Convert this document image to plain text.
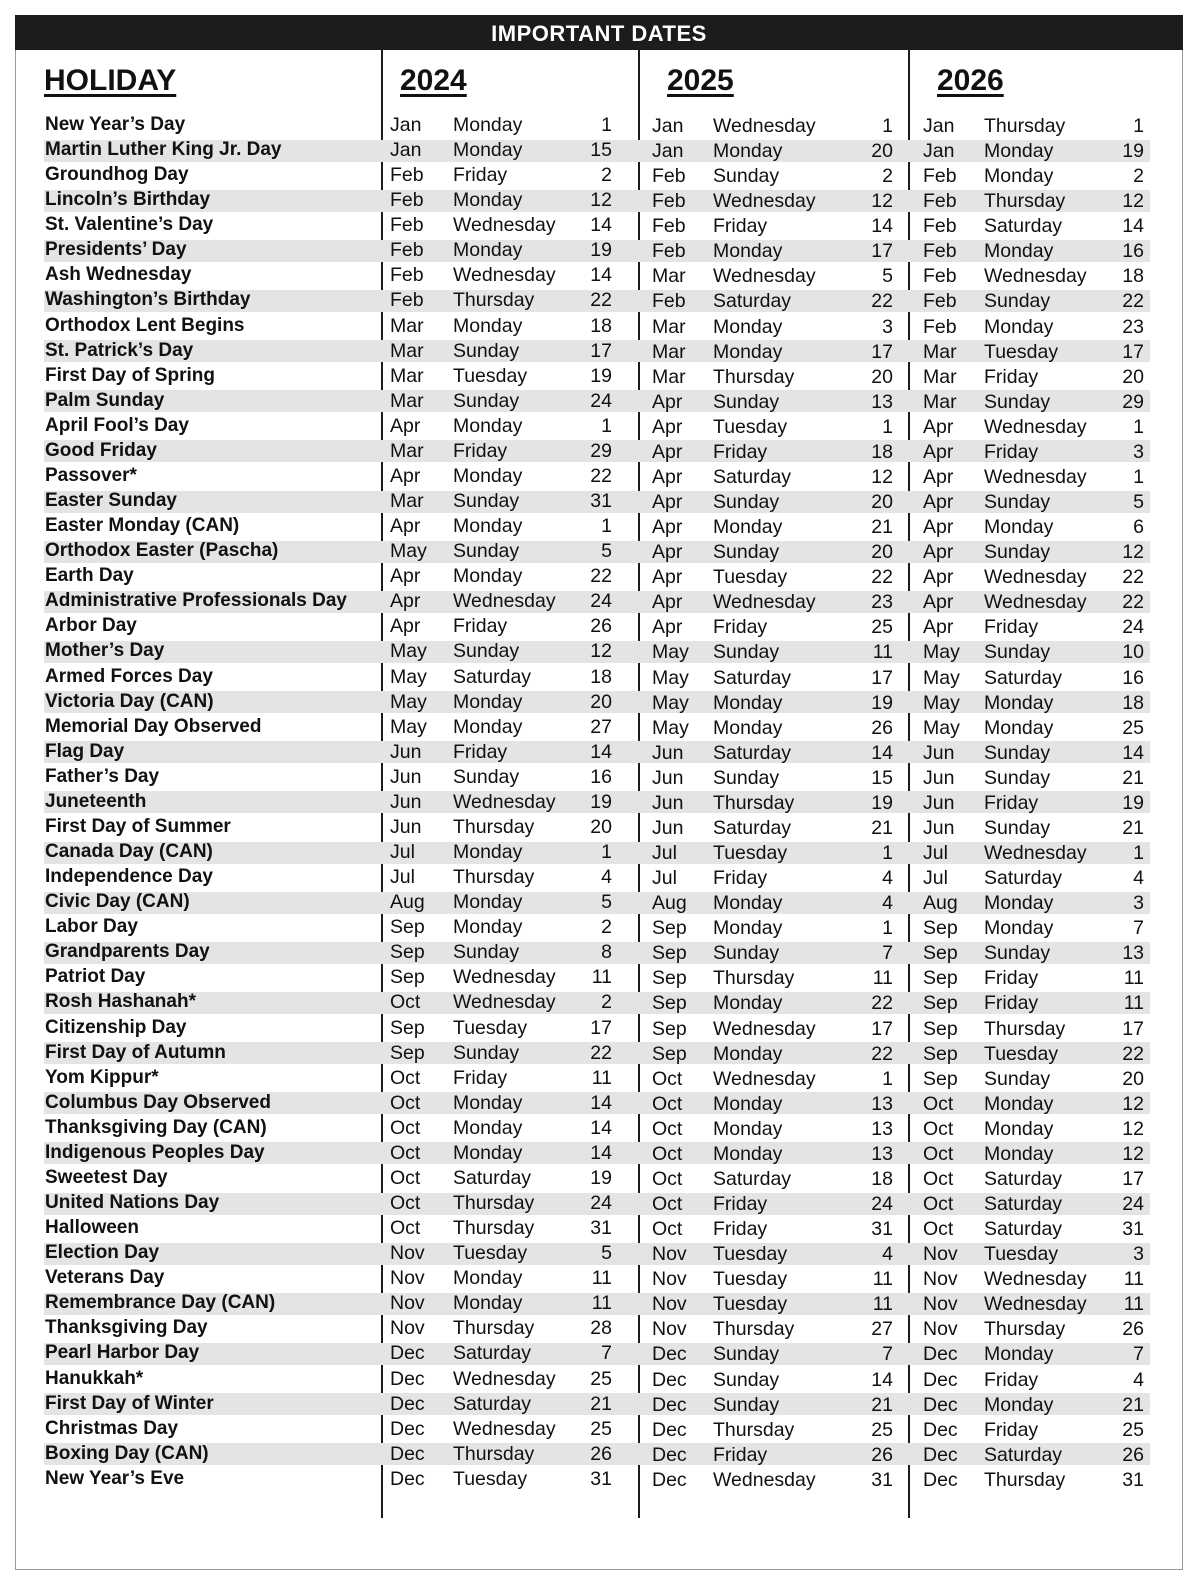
IMPORTANT DATES
HOLIDAY	2024	2025	2026
New Year’s Day	Jan Monday	1 Jan Wednesday	1 Jan Thursday	1
Martin Luther King Jr. Day	Jan Monday	15 Jan Monday	20 Jan Monday	19
Groundhog Day	Feb Friday	2 Feb Sunday	2 Feb Monday	2
Lincoln’s Birthday	Feb Monday	12 Feb Wednesday	12 Feb Thursday	12
St. Valentine’s Day	Feb Wednesday	14 Feb Friday	14 Feb Saturday	14
Presidents’ Day	Feb Monday	19 Feb Monday	17 Feb Monday	16
Ash Wednesday	Feb Wednesday	14 Mar Wednesday	5 Feb Wednesday	18
Washington’s Birthday	Feb Thursday	22 Feb Saturday	22 Feb Sunday	22
Orthodox Lent Begins	Mar Monday	18 Mar Monday	3 Feb Monday	23
St. Patrick’s Day	Mar Sunday	17 Mar Monday	17 Mar Tuesday	17
First Day of Spring	Mar Tuesday	19 Mar Thursday	20 Mar Friday	20
Palm Sunday	Mar Sunday	24 Apr Sunday	13 Mar Sunday	29
April Fool’s Day	Apr Monday	1 Apr Tuesday	1 Apr Wednesday	1
Good Friday	Mar Friday	29 Apr Friday	18 Apr Friday	3
Passover*	Apr Monday	22 Apr Saturday	12 Apr Wednesday	1
Easter Sunday	Mar Sunday	31 Apr Sunday	20 Apr Sunday	5
Easter Monday (CAN)	Apr Monday	1 Apr Monday	21 Apr Monday	6
Orthodox Easter (Pascha)	May Sunday	5 Apr Sunday	20 Apr Sunday	12
Earth Day	Apr Monday	22 Apr Tuesday	22 Apr Wednesday	22
Administrative Professionals Day Apr Wednesday	24 Apr Wednesday	23 Apr Wednesday	22
Arbor Day	Apr Friday	26 Apr Friday	25 Apr Friday	24
Mother’s Day	May Sunday	12 May Sunday	11 May Sunday	10
Armed Forces Day	May Saturday	18 May Saturday	17 May Saturday	16
Victoria Day (CAN)	May Monday	20 May Monday	19 May Monday	18
Memorial Day Observed	May Monday	27 May Monday	26 May Monday	25
Flag Day	Jun Friday	14 Jun Saturday	14 Jun Sunday	14
Father’s Day	Jun Sunday	16 Jun Sunday	15 Jun Sunday	21
Juneteenth	Jun Wednesday	19 Jun Thursday	19 Jun Friday	19
First Day of Summer	Jun Thursday	20 Jun Saturday	21 Jun Sunday	21
Canada Day (CAN)	Jul Monday	1 Jul Tuesday	1 Jul Wednesday	1
Independence Day	Jul Thursday	4 Jul Friday	4 Jul Saturday	4
Civic Day (CAN)	Aug Monday	5 Aug Monday	4 Aug Monday	3
Labor Day	Sep Monday	2 Sep Monday	1 Sep Monday	7
Grandparents Day	Sep Sunday	8 Sep Sunday	7 Sep Sunday	13
Patriot Day	Sep Wednesday	11 Sep Thursday	11 Sep Friday	11
Rosh Hashanah*	Oct Wednesday	2 Sep Monday	22 Sep Friday	11
Citizenship Day	Sep Tuesday	17 Sep Wednesday	17 Sep Thursday	17
First Day of Autumn	Sep Sunday	22 Sep Monday	22 Sep Tuesday	22
Yom Kippur*	Oct Friday	11 Oct Wednesday	1 Sep Sunday	20
Columbus Day Observed	Oct Monday	14 Oct Monday	13 Oct Monday	12
Thanksgiving Day (CAN)	Oct Monday	14 Oct Monday	13 Oct Monday	12
Indigenous Peoples Day	Oct Monday	14 Oct Monday	13 Oct Monday	12
Sweetest Day	Oct Saturday	19 Oct Saturday	18 Oct Saturday	17
United Nations Day	Oct Thursday	24 Oct Friday	24 Oct Saturday	24
Halloween	Oct Thursday	31 Oct Friday	31 Oct Saturday	31
Election Day	Nov Tuesday	5 Nov Tuesday	4 Nov Tuesday	3
Veterans Day	Nov Monday	11 Nov Tuesday	11 Nov Wednesday	11
Remembrance Day (CAN)	Nov Monday	11 Nov Tuesday	11 Nov Wednesday	11
Thanksgiving Day	Nov Thursday	28 Nov Thursday	27 Nov Thursday	26
Pearl Harbor Day	Dec Saturday	7 Dec Sunday	7 Dec Monday	7
Hanukkah*	Dec Wednesday	25 Dec Sunday	14 Dec Friday	4
First Day of Winter	Dec Saturday	21 Dec Sunday	21 Dec Monday	21
Christmas Day	Dec Wednesday	25 Dec Thursday	25 Dec Friday	25
Boxing Day (CAN)	Dec Thursday	26 Dec Friday	26 Dec Saturday	26
New Year’s Eve	Dec Tuesday	31 Dec Wednesday	31 Dec Thursday	31
